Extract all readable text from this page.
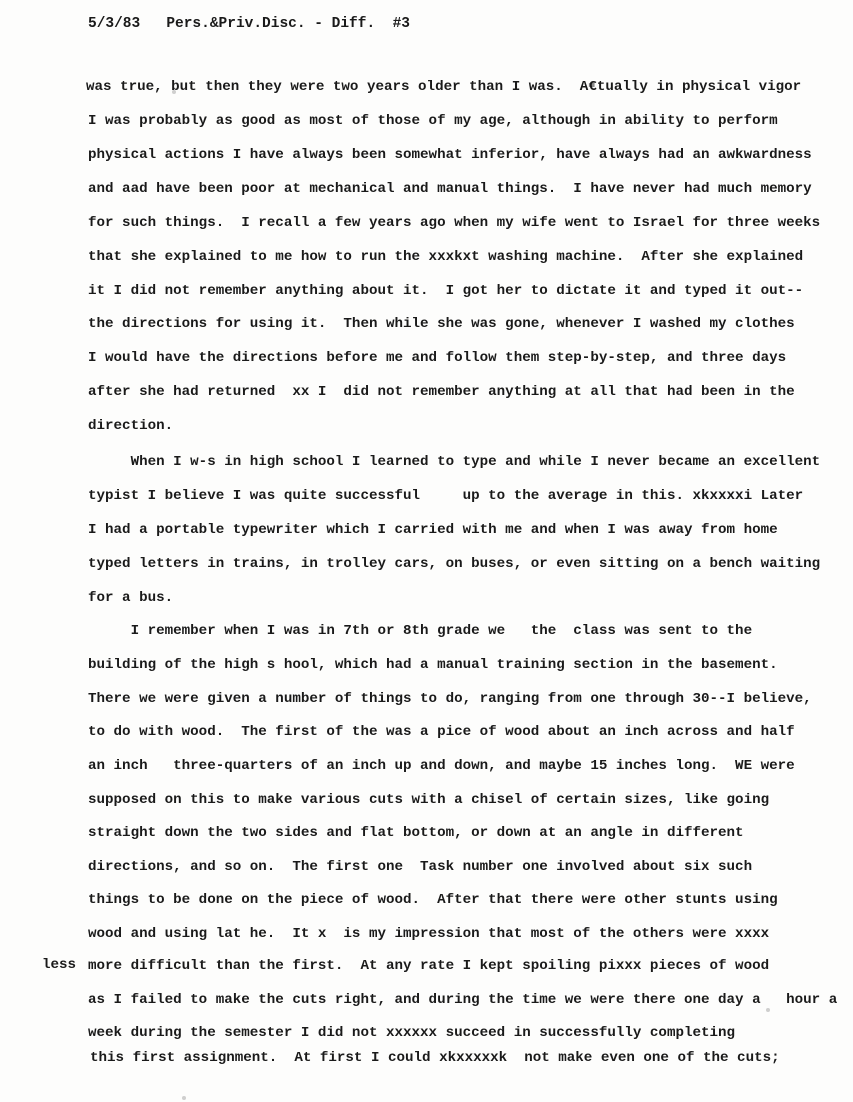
5/3/83 Pers.&Priv.Disc. - Diff. #3
was true, but then they were two years older than I was.  A€tually in physical vigor
I was probably as good as most of those of my age, although in ability to perform
physical actions I have always been somewhat inferior, have always had an awkwardness
and aad have been poor at mechanical and manual things.  I have never had much memory
for such things.  I recall a few years ago when my wife went to Israel for three weeks
that she explained to me how to run the xxxkxt washing machine.  After she explained
it I did not remember anything about it.  I got her to dictate it and typed it out--
the directions for using it.  Then while she was gone, whenever I washed my clothes
I would have the directions before me and follow them step-by-step, and three days
after she had returned  xx I  did not remember anything at all that had been in the
direction.
When I w-s in high school I learned to type and while I never became an excellent
typist I believe I was quite successful     up to the average in this. xkxxxxi Later
I had a portable typewriter which I carried with me and when I was away from home
typed letters in trains, in trolley cars, on buses, or even sitting on a bench waiting
for a bus.
I remember when I was in 7th or 8th grade we   the  class was sent to the
building of the high s hool, which had a manual training section in the basement.
There we were given a number of things to do, ranging from one through 30--I believe,
to do with wood.  The first of the was a pice of wood about an inch across and half
an inch   three-quarters of an inch up and down, and maybe 15 inches long.  WE were
supposed on this to make various cuts with a chisel of certain sizes, like going
straight down the two sides and flat bottom, or down at an angle in different
directions, and so on.  The first one  Task number one involved about six such
things to be done on the piece of wood.  After that there were other stunts using
wood and using lat he.  It x  is my impression that most of the others were xxxx
more difficult than the first.  At any rate I kept spoiling pixxx pieces of wood
as I failed to make the cuts right, and during the time we were there one day a   hour a
week during the semester I did not xxxxxx succeed in successfully completing
this first assignment.  At first I could xkxxxxxk  not make even one of the cuts;
less
